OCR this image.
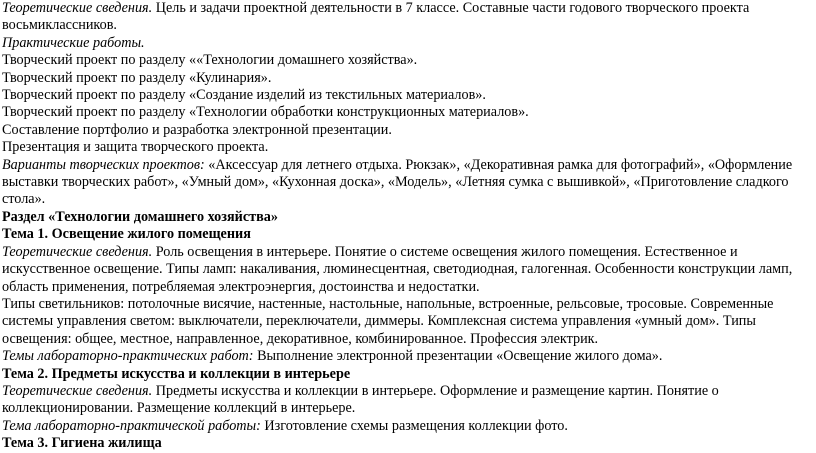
Теоретические сведения. Цель и задачи проектной деятельности в 7 классе. Составные части годового творческого проекта восьмиклассников.

Практические работы.

Творческий проект по разделу ««Технологии домашнего хозяйства».

Творческий проект по разделу «Кулинария».

Творческий проект по разделу «Создание изделий из текстильных материалов».

Творческий проект по разделу «Технологии обработки конструкционных материалов».

Составление портфолио и разработка электронной презентации.

Презентация и защита творческого проекта.

Варианты творческих проектов: «Аксессуар для летнего отдыха. Рюкзак», «Декоративная рамка для фотографий», «Оформление выставки творческих работ», «Умный дом», «Кухонная доска», «Модель», «Летняя сумка с вышивкой», «Приготовление сладкого стола».

Раздел «Технологии домашнего хозяйства»

Тема 1. Освещение жилого помещения

Теоретические сведения. Роль освещения в интерьере. Понятие о системе освещения жилого помещения. Естественное и искусственное освещение. Типы ламп: накаливания, люминесцентная, светодиодная, галогенная. Особенности конструкции ламп, область применения, потребляемая электроэнергия, достоинства и недостатки.

Типы светильников: потолочные висячие, настенные, настольные, напольные, встроенные, рельсовые, тросовые. Современные системы управления светом: выключатели, переключатели, диммеры. Комплексная система управления «умный дом». Типы освещения: общее, местное, направленное, декоративное, комбинированное. Профессия электрик.

Темы лабораторно-практических работ: Выполнение электронной презентации «Освещение жилого дома».

Тема 2. Предметы искусства и коллекции в интерьере

Теоретические сведения. Предметы искусства и коллекции в интерьере. Оформление и размещение картин. Понятие о коллекционировании. Размещение коллекций в интерьере.

Тема лабораторно-практической работы: Изготовление схемы размещения коллекции фото.

Тема 3. Гигиена жилища
